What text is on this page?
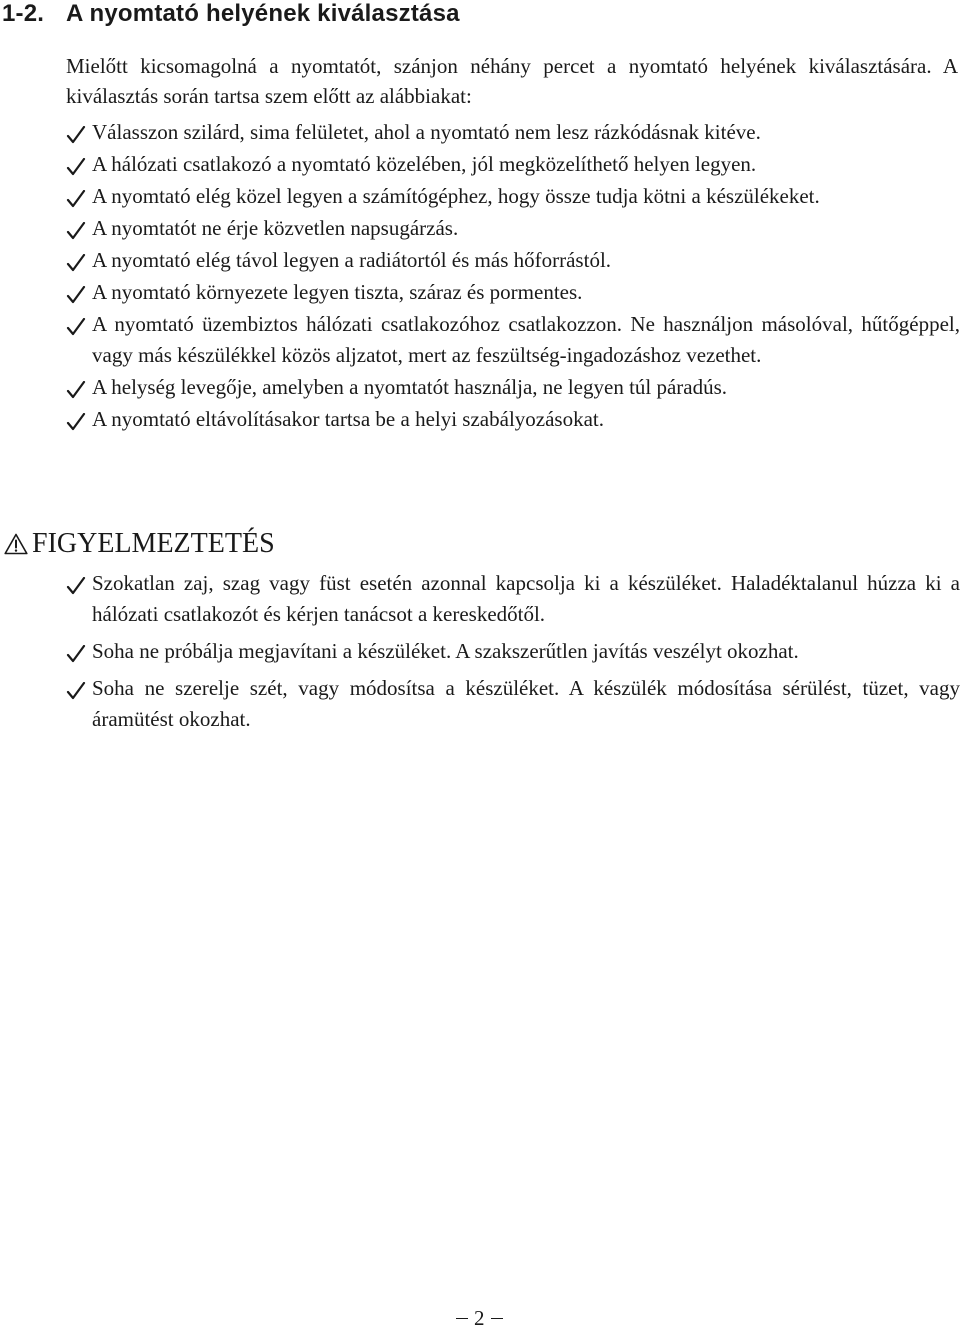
1-2. A nyomtató helyének kiválasztása

Mielőtt kicsomagolná a nyomtatót, szánjon néhány percet a nyomtató helyének kiválasztására. A kiválasztás során tartsa szem előtt az alábbiakat:

Válasszon szilárd, sima felületet, ahol a nyomtató nem lesz rázkódásnak kitéve.
A hálózati csatlakozó a nyomtató közelében, jól megközelíthető helyen legyen.
A nyomtató elég közel legyen a számítógéphez, hogy össze tudja kötni a készülékeket.
A nyomtatót ne érje közvetlen napsugárzás.
A nyomtató elég távol legyen a radiátortól és más hőforrástól.
A nyomtató környezete legyen tiszta, száraz és pormentes.
A nyomtató üzembiztos hálózati csatlakozóhoz csatlakozzon. Ne használjon másolóval, hűtőgéppel, vagy más készülékkel közös aljzatot, mert az feszültség-ingadozáshoz vezethet.
A helység levegője, amelyben a nyomtatót használja, ne legyen túl páradús.
A nyomtató eltávolításakor tartsa be a helyi szabályozásokat.
FIGYELMEZTETÉS
Szokatlan zaj, szag vagy füst esetén azonnal kapcsolja ki a készüléket. Haladéktalanul húzza ki a hálózati csatlakozót és kérjen tanácsot a kereskedőtől.
Soha ne próbálja megjavítani a készüléket. A szakszerűtlen javítás veszélyt okozhat.
Soha ne szerelje szét, vagy módosítsa a készüléket. A készülék módosítása sérülést, tüzet, vagy áramütést okozhat.
2
